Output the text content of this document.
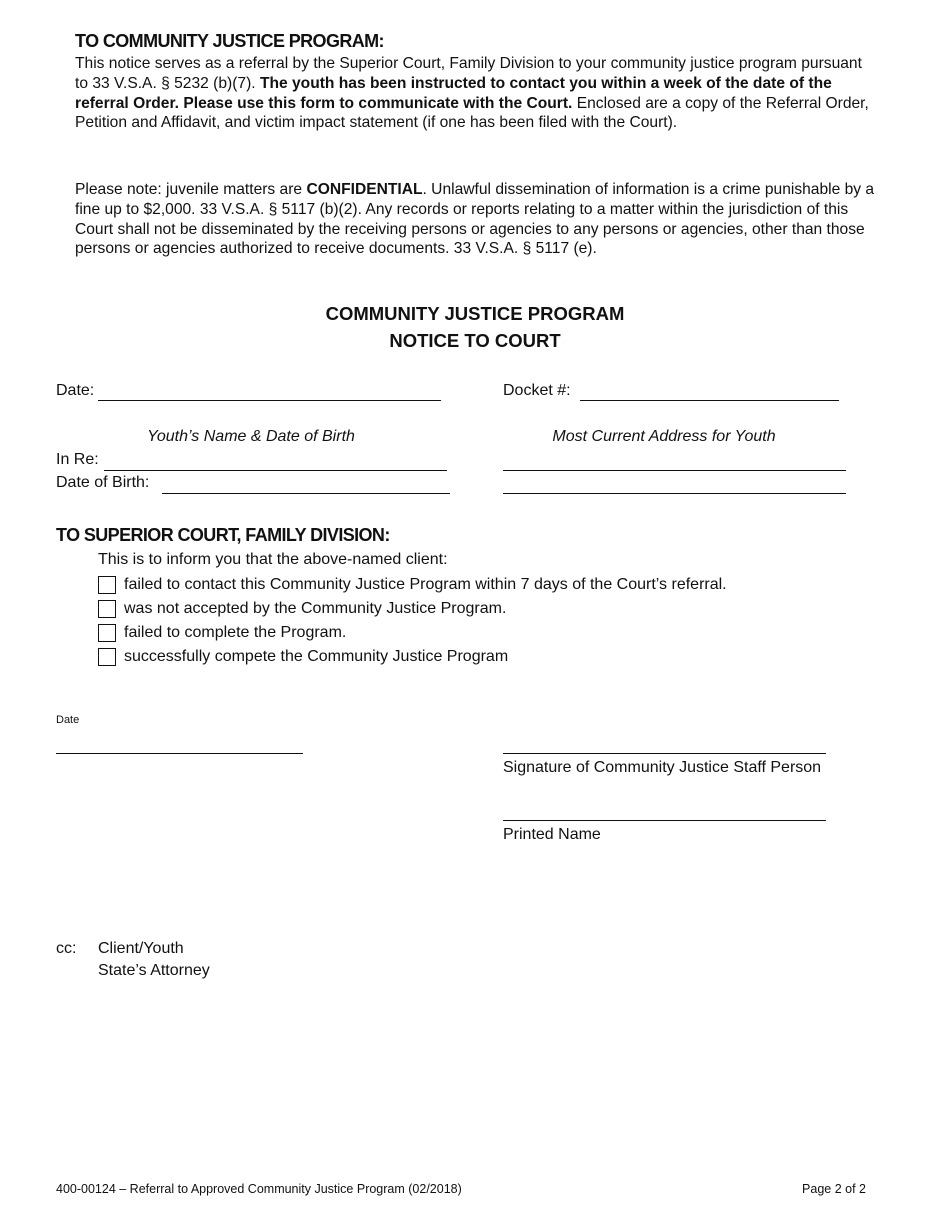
TO COMMUNITY JUSTICE PROGRAM:
This notice serves as a referral by the Superior Court, Family Division to your community justice program pursuant to 33 V.S.A. § 5232 (b)(7). The youth has been instructed to contact you within a week of the date of the referral Order. Please use this form to communicate with the Court. Enclosed are a copy of the Referral Order, Petition and Affidavit, and victim impact statement (if one has been filed with the Court).
Please note: juvenile matters are CONFIDENTIAL. Unlawful dissemination of information is a crime punishable by a fine up to $2,000. 33 V.S.A. § 5117 (b)(2). Any records or reports relating to a matter within the jurisdiction of this Court shall not be disseminated by the receiving persons or agencies to any persons or agencies, other than those persons or agencies authorized to receive documents. 33 V.S.A. § 5117 (e).
COMMUNITY JUSTICE PROGRAM
NOTICE TO COURT
Date:	Docket #:
Youth’s Name & Date of Birth	Most Current Address for Youth
In Re:
Date of Birth:
TO SUPERIOR COURT, FAMILY DIVISION:
This is to inform you that the above-named client:
failed to contact this Community Justice Program within 7 days of the Court’s referral.
was not accepted by the Community Justice Program.
failed to complete the Program.
successfully compete the Community Justice Program
Date
Signature of Community Justice Staff Person
Printed Name
cc: Client/Youth
State’s Attorney
400-00124 – Referral to Approved Community Justice Program (02/2018)	Page 2 of 2
